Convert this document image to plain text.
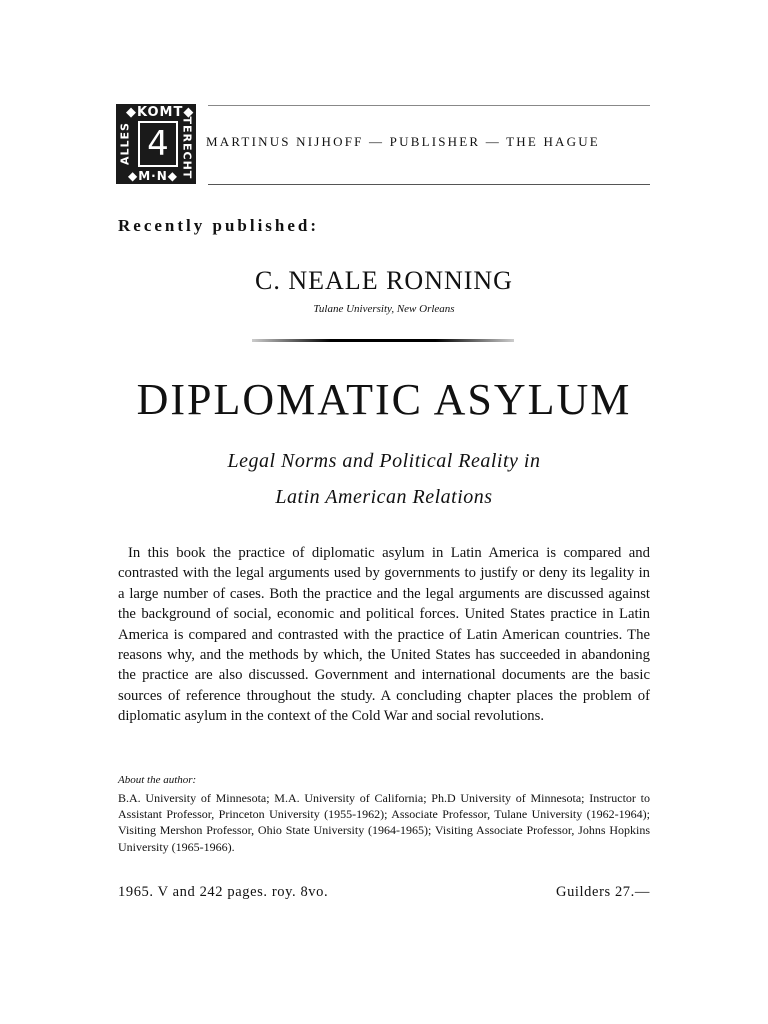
◆KOMT◆
ALLES 4	TERECHT
◆M·N◆
MARTINUS NIJHOFF — PUBLISHER — THE HAGUE
Recently published:
C. NEALE RONNING
Tulane University, New Orleans
DIPLOMATIC ASYLUM
Legal Norms and Political Reality in
Latin American Relations
In this book the practice of diplomatic asylum in Latin America is compared and contrasted with the legal arguments used by governments to justify or deny its legality in a large number of cases. Both the practice and the legal arguments are discussed against the background of social, economic and political forces. United States practice in Latin America is compared and contrasted with the practice of Latin American countries. The reasons why, and the methods by which, the United States has succeeded in abandoning the practice are also discussed. Government and international documents are the basic sources of reference throughout the study. A concluding chapter places the problem of diplomatic asylum in the context of the Cold War and social revolutions.
About the author:
B.A. University of Minnesota; M.A. University of California; Ph.D University of Minnesota; Instructor to Assistant Professor, Princeton University (1955-1962); Associate Professor, Tulane University (1962-1964); Visiting Mershon Professor, Ohio State University (1964-1965); Visiting Associate Professor, Johns Hopkins University (1965-1966).
1965. V and 242 pages. roy. 8vo.	Guilders 27.—
